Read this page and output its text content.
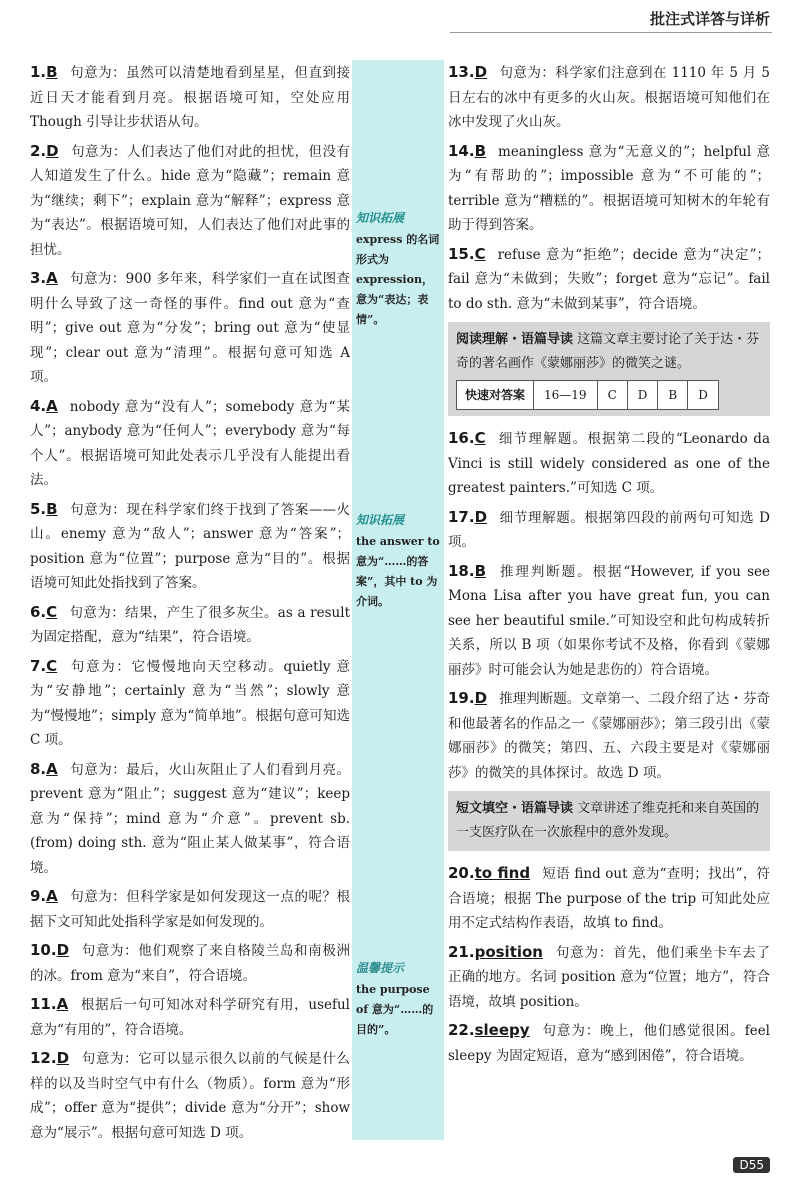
批注式详答与详析
知识拓展
express 的名词形式为 expression，意为“表达；表情”。
知识拓展
the answer to 意为“……的答案”，其中 to 为介词。
温馨提示
the purpose of 意为“……的目的”。
1.B 句意为：虽然可以清楚地看到星星，但直到接近日天才能看到月亮。根据语境可知，空处应用 Though 引导让步状语从句。
2.D 句意为：人们表达了他们对此的担忧，但没有人知道发生了什么。hide 意为“隐藏”；remain 意为“继续；剩下”；explain 意为“解释”；express 意为“表达”。根据语境可知，人们表达了他们对此事的担忧。
3.A 句意为：900 多年来，科学家们一直在试图查明什么导致了这一奇怪的事件。find out 意为“查明”；give out 意为“分发”；bring out 意为“使显现”；clear out 意为“清理”。根据句意可知选 A 项。
4.A nobody 意为“没有人”；somebody 意为“某人”；anybody 意为“任何人”；everybody 意为“每个人”。根据语境可知此处表示几乎没有人能提出看法。
5.B 句意为：现在科学家们终于找到了答案——火山。enemy 意为“敌人”；answer 意为“答案”；position 意为“位置”；purpose 意为“目的”。根据语境可知此处指找到了答案。
6.C 句意为：结果，产生了很多灰尘。as a result 为固定搭配，意为“结果”，符合语境。
7.C 句意为：它慢慢地向天空移动。quietly 意为“安静地”；certainly 意为“当然”；slowly 意为“慢慢地”；simply 意为“简单地”。根据句意可知选 C 项。
8.A 句意为：最后，火山灰阻止了人们看到月亮。prevent 意为“阻止”；suggest 意为“建议”；keep 意为“保持”；mind 意为“介意”。prevent sb. (from) doing sth. 意为“阻止某人做某事”，符合语境。
9.A 句意为：但科学家是如何发现这一点的呢？根据下文可知此处指科学家是如何发现的。
10.D 句意为：他们观察了来自格陵兰岛和南极洲的冰。from 意为“来自”，符合语境。
11.A 根据后一句可知冰对科学研究有用，useful 意为“有用的”，符合语境。
12.D 句意为：它可以显示很久以前的气候是什么样的以及当时空气中有什么（物质）。form 意为“形成”；offer 意为“提供”；divide 意为“分开”；show 意为“展示”。根据句意可知选 D 项。
13.D 句意为：科学家们注意到在 1110 年 5 月 5 日左右的冰中有更多的火山灰。根据语境可知他们在冰中发现了火山灰。
14.B meaningless 意为“无意义的”；helpful 意为“有帮助的”；impossible 意为“不可能的”；terrible 意为“糟糕的”。根据语境可知树木的年轮有助于得到答案。
15.C refuse 意为“拒绝”；decide 意为“决定”；fail 意为“未做到；失败”；forget 意为“忘记”。fail to do sth. 意为“未做到某事”，符合语境。
阅读理解・语篇导读 这篇文章主要讨论了关于达・芬奇的著名画作《蒙娜丽莎》的微笑之谜。
快速对答案	16—19	C	D	B	D
16.C 细节理解题。根据第二段的“Leonardo da Vinci is still widely considered as one of the greatest painters.”可知选 C 项。
17.D 细节理解题。根据第四段的前两句可知选 D 项。
18.B 推理判断题。根据“However, if you see Mona Lisa after you have great fun, you can see her beautiful smile.”可知设空和此句构成转折关系，所以 B 项（如果你考试不及格，你看到《蒙娜丽莎》时可能会认为她是悲伤的）符合语境。
19.D 推理判断题。文章第一、二段介绍了达・芬奇和他最著名的作品之一《蒙娜丽莎》；第三段引出《蒙娜丽莎》的微笑；第四、五、六段主要是对《蒙娜丽莎》的微笑的具体探讨。故选 D 项。
短文填空・语篇导读 文章讲述了维克托和来自英国的一支医疗队在一次旅程中的意外发现。
20.to find 短语 find out 意为“查明；找出”，符合语境；根据 The purpose of the trip 可知此处应用不定式结构作表语，故填 to find。
21.position 句意为：首先，他们乘坐卡车去了正确的地方。名词 position 意为“位置；地方”，符合语境，故填 position。
22.sleepy 句意为：晚上，他们感觉很困。feel sleepy 为固定短语，意为“感到困倦”，符合语境。
D55
